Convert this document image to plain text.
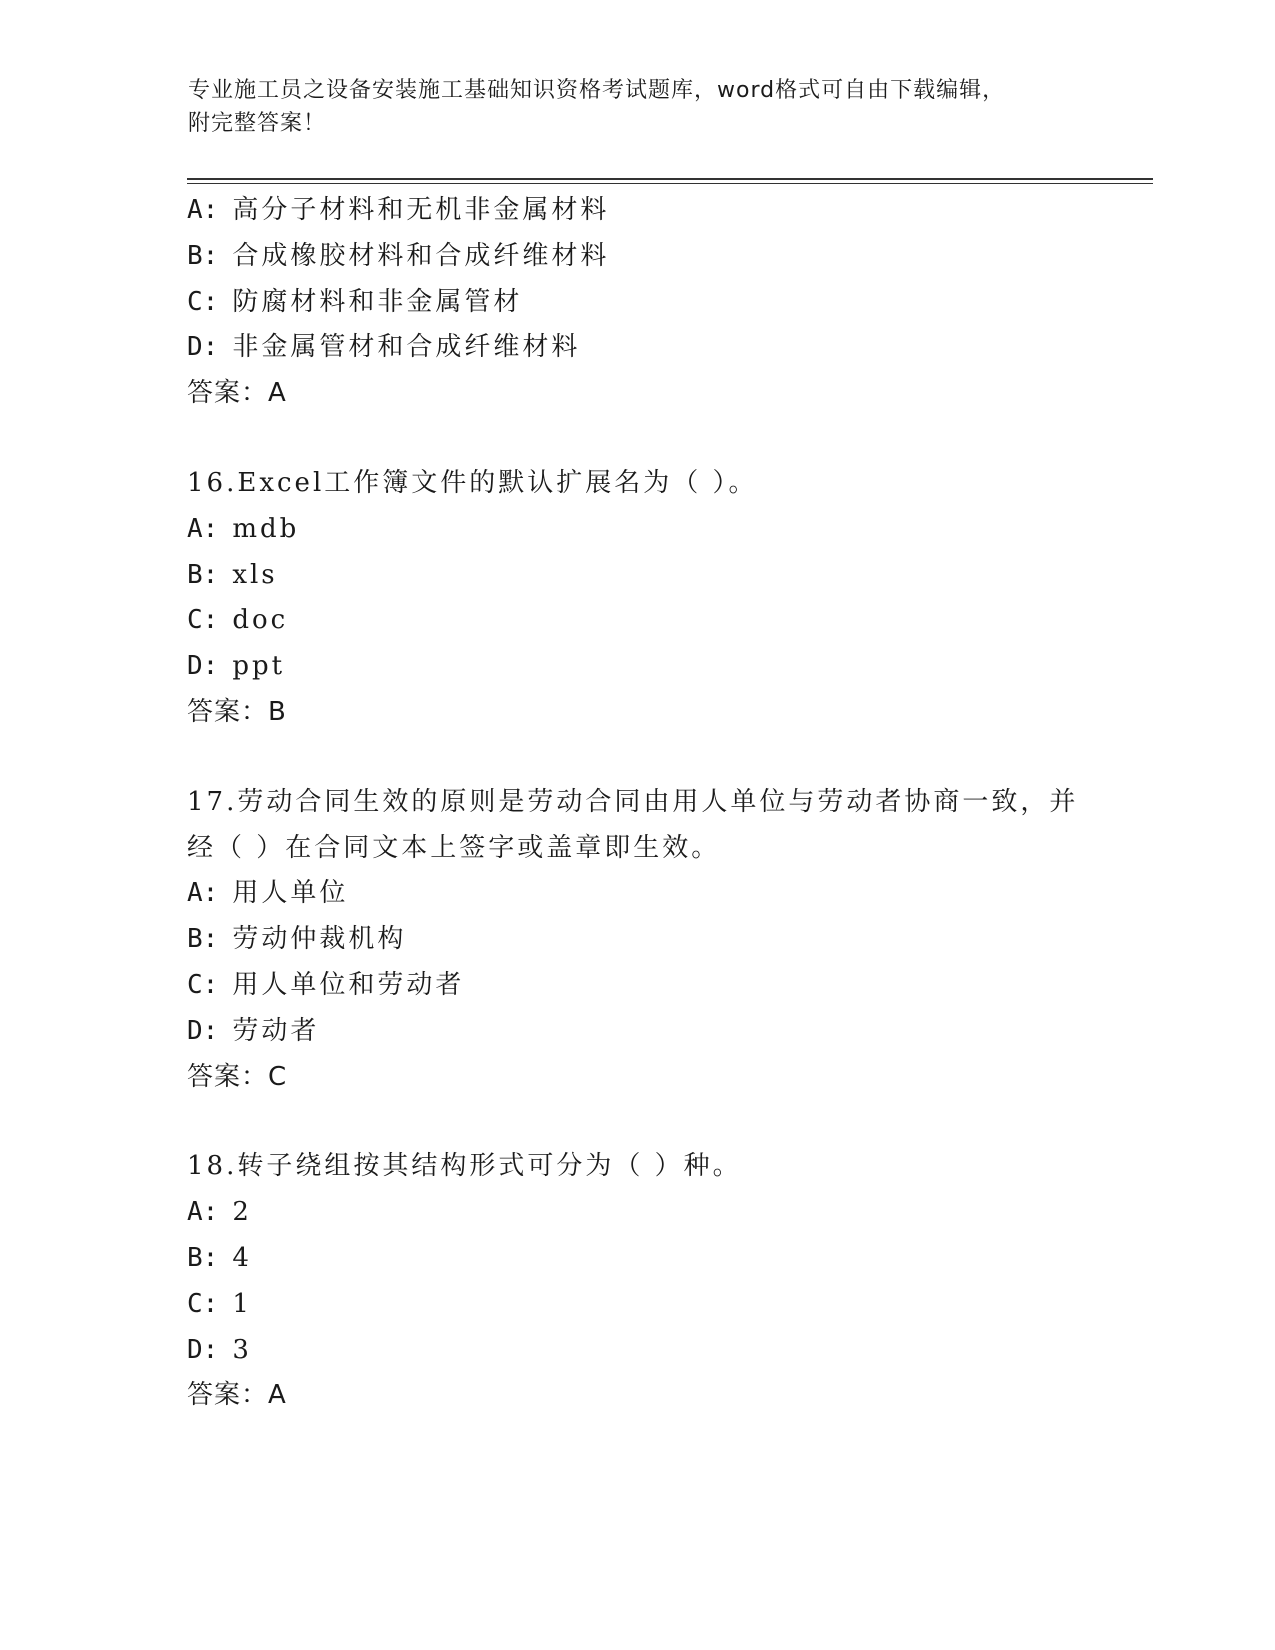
专业施工员之设备安装施工基础知识资格考试题库，word格式可自由下载编辑，
附完整答案！
A: 高分子材料和无机非金属材料
B: 合成橡胶材料和合成纤维材料
C: 防腐材料和非金属管材
D: 非金属管材和合成纤维材料
答案：A
16.Excel工作簿文件的默认扩展名为（ ）。
A: mdb
B: xls
C: doc
D: ppt
答案：B
17.劳动合同生效的原则是劳动合同由用人单位与劳动者协商一致，并
经（ ）在合同文本上签字或盖章即生效。
A: 用人单位
B: 劳动仲裁机构
C: 用人单位和劳动者
D: 劳动者
答案：C
18.转子绕组按其结构形式可分为（ ）种。
A: 2
B: 4
C: 1
D: 3
答案：A
